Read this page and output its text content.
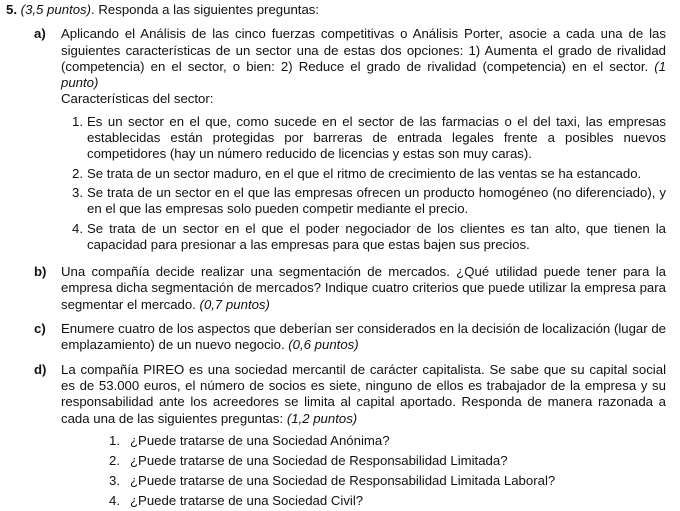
5. (3,5 puntos). Responda a las siguientes preguntas:
a) Aplicando el Análisis de las cinco fuerzas competitivas o Análisis Porter, asocie a cada una de las siguientes características de un sector una de estas dos opciones: 1) Aumenta el grado de rivalidad (competencia) en el sector, o bien: 2) Reduce el grado de rivalidad (competencia) en el sector. (1 punto)
Características del sector:
1. Es un sector en el que, como sucede en el sector de las farmacias o el del taxi, las empresas establecidas están protegidas por barreras de entrada legales frente a posibles nuevos competidores (hay un número reducido de licencias y estas son muy caras).
2. Se trata de un sector maduro, en el que el ritmo de crecimiento de las ventas se ha estancado.
3. Se trata de un sector en el que las empresas ofrecen un producto homogéneo (no diferenciado), y en el que las empresas solo pueden competir mediante el precio.
4. Se trata de un sector en el que el poder negociador de los clientes es tan alto, que tienen la capacidad para presionar a las empresas para que estas bajen sus precios.
b) Una compañía decide realizar una segmentación de mercados. ¿Qué utilidad puede tener para la empresa dicha segmentación de mercados? Indique cuatro criterios que puede utilizar la empresa para segmentar el mercado. (0,7 puntos)
c) Enumere cuatro de los aspectos que deberían ser considerados en la decisión de localización (lugar de emplazamiento) de un nuevo negocio. (0,6 puntos)
d) La compañía PIREO es una sociedad mercantil de carácter capitalista. Se sabe que su capital social es de 53.000 euros, el número de socios es siete, ninguno de ellos es trabajador de la empresa y su responsabilidad ante los acreedores se limita al capital aportado. Responda de manera razonada a cada una de las siguientes preguntas: (1,2 puntos)
1. ¿Puede tratarse de una Sociedad Anónima?
2. ¿Puede tratarse de una Sociedad de Responsabilidad Limitada?
3. ¿Puede tratarse de una Sociedad de Responsabilidad Limitada Laboral?
4. ¿Puede tratarse de una Sociedad Civil?
